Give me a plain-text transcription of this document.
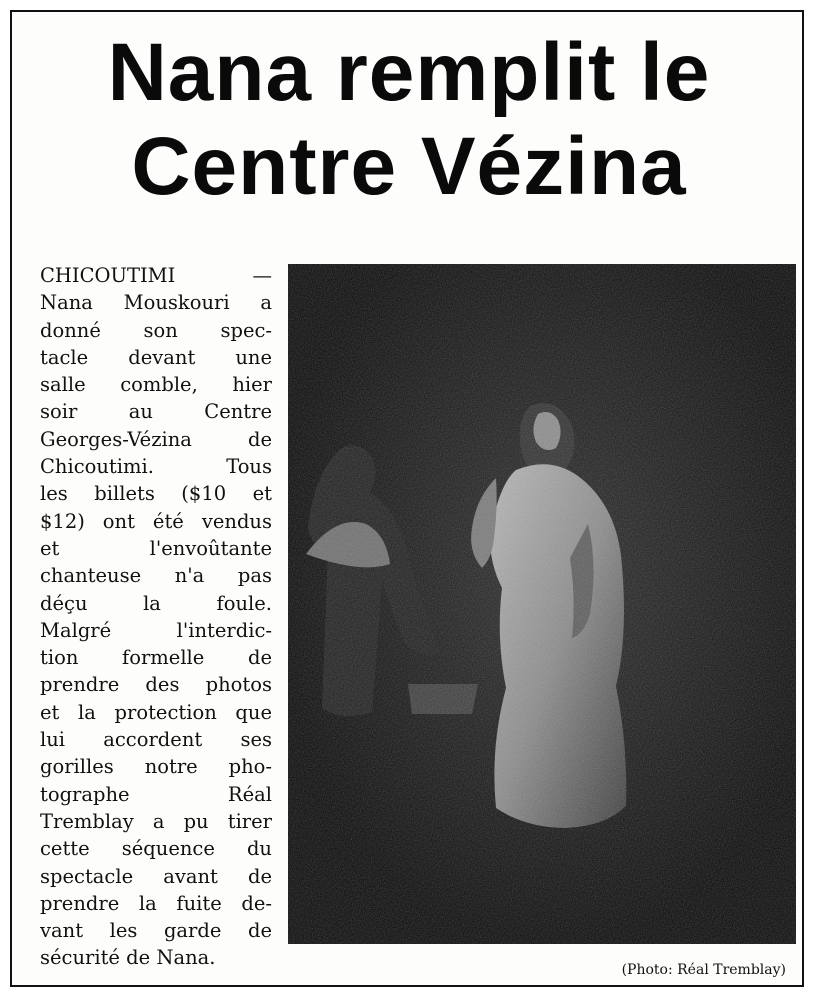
Nana remplit le
Centre Vézina
CHICOUTIMI —
Nana Mouskouri a
donné son spec-
tacle devant une
salle comble, hier
soir au Centre
Georges-Vézina de
Chicoutimi. Tous
les billets ($10 et
$12) ont été vendus
et l'envoûtante
chanteuse n'a pas
déçu la foule.
Malgré l'interdic-
tion formelle de
prendre des photos
et la protection que
lui accordent ses
gorilles notre pho-
tographe Réal
Tremblay a pu tirer
cette séquence du
spectacle avant de
prendre la fuite de-
vant les garde de
sécurité de Nana.
(Photo: Réal Tremblay)
